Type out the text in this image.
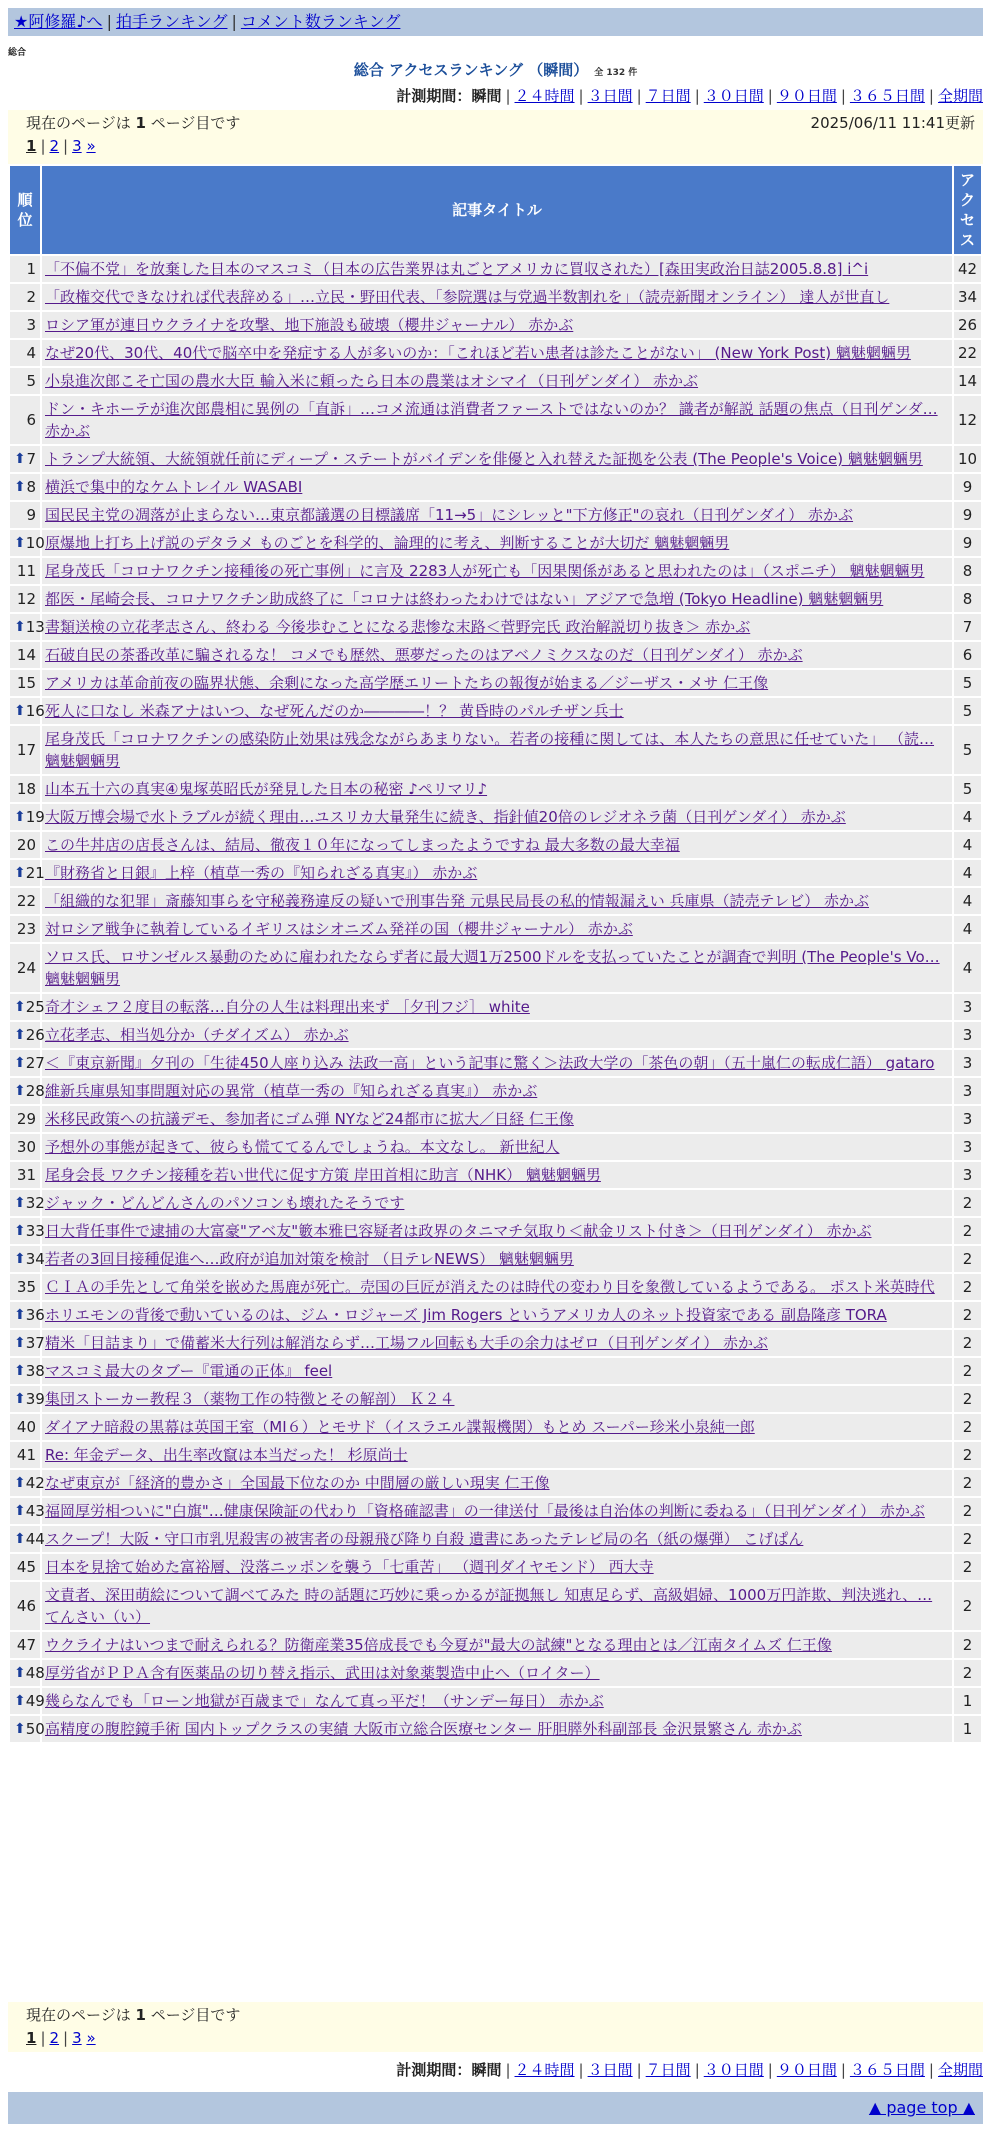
★阿修羅♪へ | 拍手ランキング | コメント数ランキング
総合
総合 アクセスランキング （瞬間） 全 132 件
計測期間：瞬間 | ２４時間 | ３日間 | ７日間 | ３０日間 | ９０日間 | ３６５日間 | 全期間
現在のページは 1 ページ目です	2025/06/11 11:41更新
1 | 2 | 3 »
順位	記事タイトル	アクセス
1	「不偏不党」を放棄した日本のマスコミ（日本の広告業界は丸ごとアメリカに買収された）[森田実政治日誌2005.8.8] i^i	42
2	「政権交代できなければ代表辞める」…立民・野田代表、「参院選は与党過半数割れを」（読売新聞オンライン） 達人が世直し	34
3	ロシア軍が連日ウクライナを攻撃、地下施設も破壊（櫻井ジャーナル） 赤かぶ	26
4	なぜ20代、30代、40代で脳卒中を発症する人が多いのか：「これほど若い患者は診たことがない」 (New York Post) 魑魅魍魎男	22
5	小泉進次郎こそ亡国の農水大臣 輸入米に頼ったら日本の農業はオシマイ（日刊ゲンダイ） 赤かぶ	14
6	ドン・キホーテが進次郎農相に異例の「直訴」…コメ流通は消費者ファーストではないのか？ 識者が解説 話題の焦点（日刊ゲンダ… 赤かぶ	12

⬆ 7	トランプ大統領、大統領就任前にディープ・ステートがバイデンを俳優と入れ替えた証拠を公表 (The People's Voice) 魑魅魍魎男	10

⬆ 8	横浜で集中的なケムトレイル WASABI	9
9	国民民主党の凋落が止まらない…東京都議選の目標議席「11→5」にシレッと"下方修正"の哀れ（日刊ゲンダイ） 赤かぶ	9

⬆ 10	原爆地上打ち上げ説のデタラメ ものごとを科学的、論理的に考え、判断することが大切だ 魑魅魍魎男	9
11	尾身茂氏「コロナワクチン接種後の死亡事例」に言及 2283人が死亡も「因果関係があると思われたのは」（スポニチ） 魑魅魍魎男	8
12	都医・尾崎会長、コロナワクチン助成終了に「コロナは終わったわけではない」アジアで急増 (Tokyo Headline) 魑魅魍魎男	8

⬆ 13	書類送検の立花孝志さん、終わる 今後歩むことになる悲惨な末路＜菅野完氏 政治解説切り抜き＞ 赤かぶ	7
14	石破自民の茶番改革に騙されるな！ コメでも歴然、悪夢だったのはアベノミクスなのだ（日刊ゲンダイ） 赤かぶ	6
15	アメリカは革命前夜の臨界状態、余剰になった高学歴エリートたちの報復が始まる／ジーザス・メサ 仁王像	5

⬆ 16	死人に口なし 米森アナはいつ、なぜ死んだのか――――！？ 黄昏時のパルチザン兵士	5
17	尾身茂氏「コロナワクチンの感染防止効果は残念ながらあまりない。若者の接種に関しては、本人たちの意思に任せていた」 （読… 魑魅魍魎男	5
18	山本五十六の真実④鬼塚英昭氏が発見した日本の秘密 ♪ペリマリ♪	5

⬆ 19	大阪万博会場で水トラブルが続く理由…ユスリカ大量発生に続き、指針値20倍のレジオネラ菌（日刊ゲンダイ） 赤かぶ	4
20	この牛丼店の店長さんは、結局、徹夜１０年になってしまったようですね 最大多数の最大幸福	4

⬆ 21	『財務省と日銀』上梓（植草一秀の『知られざる真実』） 赤かぶ	4
22	「組織的な犯罪」斎藤知事らを守秘義務違反の疑いで刑事告発 元県民局長の私的情報漏えい 兵庫県（読売テレビ） 赤かぶ	4
23	対ロシア戦争に執着しているイギリスはシオニズム発祥の国（櫻井ジャーナル） 赤かぶ	4
24	ソロス氏、ロサンゼルス暴動のために雇われたならず者に最大週1万2500ドルを支払っていたことが調査で判明 (The People's Vo… 魑魅魍魎男	4

⬆ 25	奇才シェフ２度目の転落…自分の人生は料理出来ず ［夕刊フジ］ white	3

⬆ 26	立花孝志、相当処分か（チダイズム） 赤かぶ	3

⬆ 27	＜『東京新聞』夕刊の「生徒450人座り込み 法政一高」という記事に驚く＞法政大学の「茶色の朝」（五十嵐仁の転成仁語） gataro	3

⬆ 28	維新兵庫県知事問題対応の異常（植草一秀の『知られざる真実』） 赤かぶ	3
29	米移民政策への抗議デモ、参加者にゴム弾 NYなど24都市に拡大／日経 仁王像	3
30	予想外の事態が起きて、彼らも慌ててるんでしょうね。本文なし。 新世紀人	3
31	尾身会長 ワクチン接種を若い世代に促す方策 岸田首相に助言（NHK） 魑魅魍魎男	3

⬆ 32	ジャック・どんどんさんのパソコンも壊れたそうです	2

⬆ 33	日大背任事件で逮捕の大富豪"アベ友"籔本雅巳容疑者は政界のタニマチ気取り＜献金リスト付き＞（日刊ゲンダイ） 赤かぶ	2

⬆ 34	若者の3回目接種促進へ…政府が追加対策を検討 （日テレNEWS） 魑魅魍魎男	2
35	ＣＩＡの手先として角栄を嵌めた馬鹿が死亡。売国の巨匠が消えたのは時代の変わり目を象徴しているようである。 ポスト米英時代	2

⬆ 36	ホリエモンの背後で動いているのは、ジム・ロジャーズ Jim Rogers というアメリカ人のネット投資家である 副島隆彦 TORA	2

⬆ 37	精米「目詰まり」で備蓄米大行列は解消ならず…工場フル回転も大手の余力はゼロ（日刊ゲンダイ） 赤かぶ	2

⬆ 38	マスコミ最大のタブー『電通の正体』 feel	2

⬆ 39	集団ストーカー教程３（薬物工作の特徴とその解剖） Ｋ２４	2
40	ダイアナ暗殺の黒幕は英国王室（MI６）とモサド（イスラエル諜報機関）もとめ スーパー珍米小泉純一郎	2
41	Re: 年金データ、出生率改竄は本当だった！ 杉原尚士	2

⬆ 42	なぜ東京が「経済的豊かさ」全国最下位なのか 中間層の厳しい現実 仁王像	2

⬆ 43	福岡厚労相ついに"白旗"…健康保険証の代わり「資格確認書」の一律送付「最後は自治体の判断に委ねる」（日刊ゲンダイ） 赤かぶ	2

⬆ 44	スクープ！大阪・守口市乳児殺害の被害者の母親飛び降り自殺 遺書にあったテレビ局の名（紙の爆弾） こげぱん	2
45	日本を見捨て始めた富裕層、没落ニッポンを襲う「七重苦」 （週刊ダイヤモンド） 西大寺	2
46	文責者、深田萌絵について調べてみた 時の話題に巧妙に乗っかるが証拠無し 知恵足らず、高級娼婦、1000万円詐欺、判決逃れ、… てんさい（い）	2
47	ウクライナはいつまで耐えられる？防衛産業35倍成長でも今夏が"最大の試練"となる理由とは／江南タイムズ 仁王像	2

⬆ 48	厚労省がＰＰＡ含有医薬品の切り替え指示、武田は対象薬製造中止へ（ロイター）	2

⬆ 49	幾らなんでも「ローン地獄が百歳まで」なんて真っ平だ！（サンデー毎日） 赤かぶ	1

⬆ 50	高精度の腹腔鏡手術 国内トップクラスの実績 大阪市立総合医療センター 肝胆膵外科副部長 金沢景繁さん 赤かぶ	1
現在のページは 1 ページ目です
1 | 2 | 3 »
計測期間：瞬間 | ２４時間 | ３日間 | ７日間 | ３０日間 | ９０日間 | ３６５日間 | 全期間
▲ page top ▲
